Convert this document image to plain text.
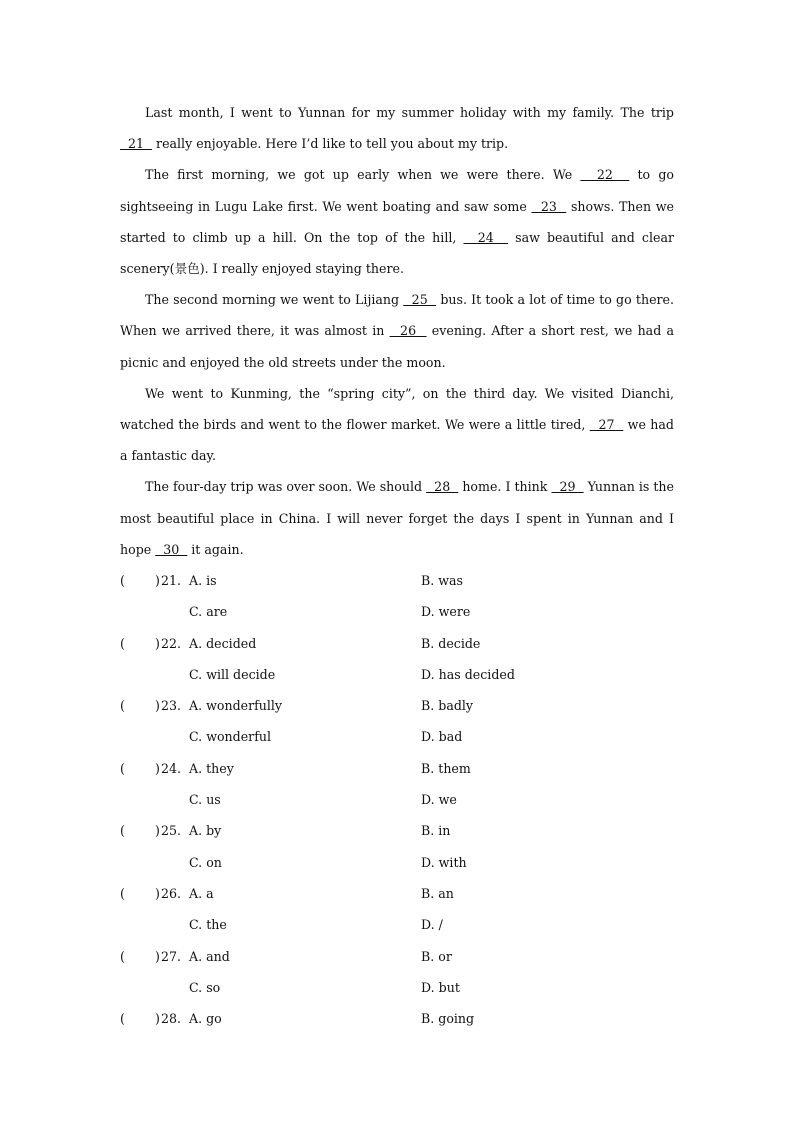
Last month, I went to Yunnan for my summer holiday with my family. The trip   21   really enjoyable. Here I’d like to tell you about my trip.

The first morning, we got up early when we were there. We   22   to go sightseeing in Lugu Lake first. We went boating and saw some   23   shows. Then we started to climb up a hill. On the top of the hill,   24   saw beautiful and clear scenery(景色). I really enjoyed staying there.

The second morning we went to Lijiang   25   bus. It took a lot of time to go there. When we arrived there, it was almost in   26   evening. After a short rest, we had a picnic and enjoyed the old streets under the moon.

We went to Kunming, the “spring city”, on the third day. We visited Dianchi, watched the birds and went to the flower market. We were a little tired,   27   we had a fantastic day.

The four-day trip was over soon. We should   28   home. I think   29   Yunnan is the most beautiful place in China. I will never forget the days I spent in Yunnan and I hope   30   it again.

( ) 21. A. is	B. was
C. are	D. were
( ) 22. A. decided	B. decide
C. will decide	D. has decided
( ) 23. A. wonderfully	B. badly
C. wonderful	D. bad
( ) 24. A. they	B. them
C. us	D. we
( ) 25. A. by	B. in
C. on	D. with
( ) 26. A. a	B. an
C. the	D. /
( ) 27. A. and	B. or
C. so	D. but
( ) 28. A. go	B. going
